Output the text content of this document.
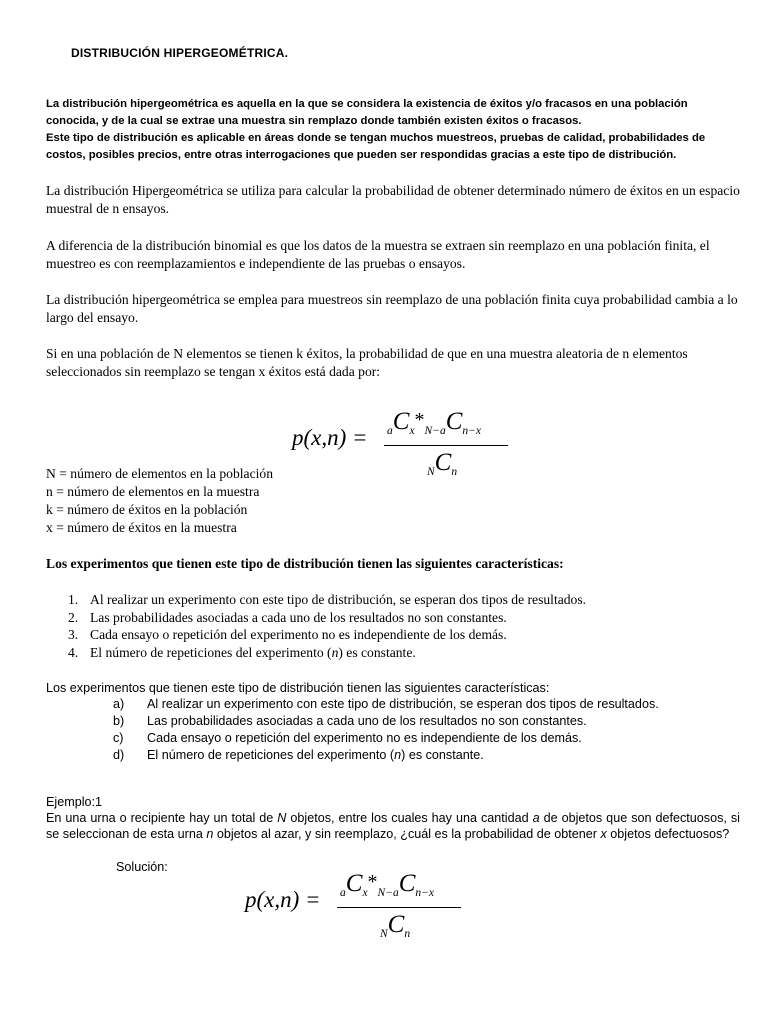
DISTRIBUCIÓN HIPERGEOMÉTRICA.

La distribución hipergeométrica es aquella en la que se considera la existencia de éxitos y/o fracasos en una población conocida, y de la cual se extrae una muestra sin remplazo donde también existen éxitos o fracasos.

Este tipo de distribución es aplicable en áreas donde se tengan muchos muestreos, pruebas de calidad, probabilidades de costos, posibles precios, entre otras interrogaciones que pueden ser respondidas gracias a este tipo de distribución.

La distribución Hipergeométrica se utiliza para calcular la probabilidad de obtener determinado número de éxitos en un espacio muestral de n ensayos.

A diferencia de la distribución binomial es que los datos de la muestra se extraen sin reemplazo en una población finita, el muestreo es con reemplazamientos e independiente de las pruebas o ensayos.

La distribución hipergeométrica se emplea para muestreos sin reemplazo de una población finita cuya probabilidad cambia a lo largo del ensayo.

Si en una población de N elementos se tienen k éxitos, la probabilidad de que en una muestra aleatoria de n elementos seleccionados sin reemplazo se tengan x éxitos está dada por:

$p(x,n) = _aC_x*_{N-a}C_{n-x}$
$_NC_n$
N = número de elementos en la población
n = número de elementos en la muestra
k = número de éxitos en la población
x = número de éxitos en la muestra
Los experimentos que tienen este tipo de distribución tienen las siguientes características:
1. Al realizar un experimento con este tipo de distribución, se esperan dos tipos de resultados.
2. Las probabilidades asociadas a cada uno de los resultados no son constantes.
3. Cada ensayo o repetición del experimento no es independiente de los demás.
4. El número de repeticiones del experimento (n) es constante.
Los experimentos que tienen este tipo de distribución tienen las siguientes características:
a)	Al realizar un experimento con este tipo de distribución, se esperan dos tipos de resultados.
b)	Las probabilidades asociadas a cada uno de los resultados no son constantes.
c)	Cada ensayo o repetición del experimento no es independiente de los demás.
d)	El número de repeticiones del experimento (n) es constante.
Ejemplo:1
En una urna o recipiente hay un total de N objetos, entre los cuales hay una cantidad a de objetos que son defectuosos, si se seleccionan de esta urna n objetos al azar, y sin reemplazo, ¿cuál es la probabilidad de obtener x objetos defectuosos?
Solución:
$p(x,n) = _aC_x*_{N-a}C_{n-x}$
$_NC_n$
